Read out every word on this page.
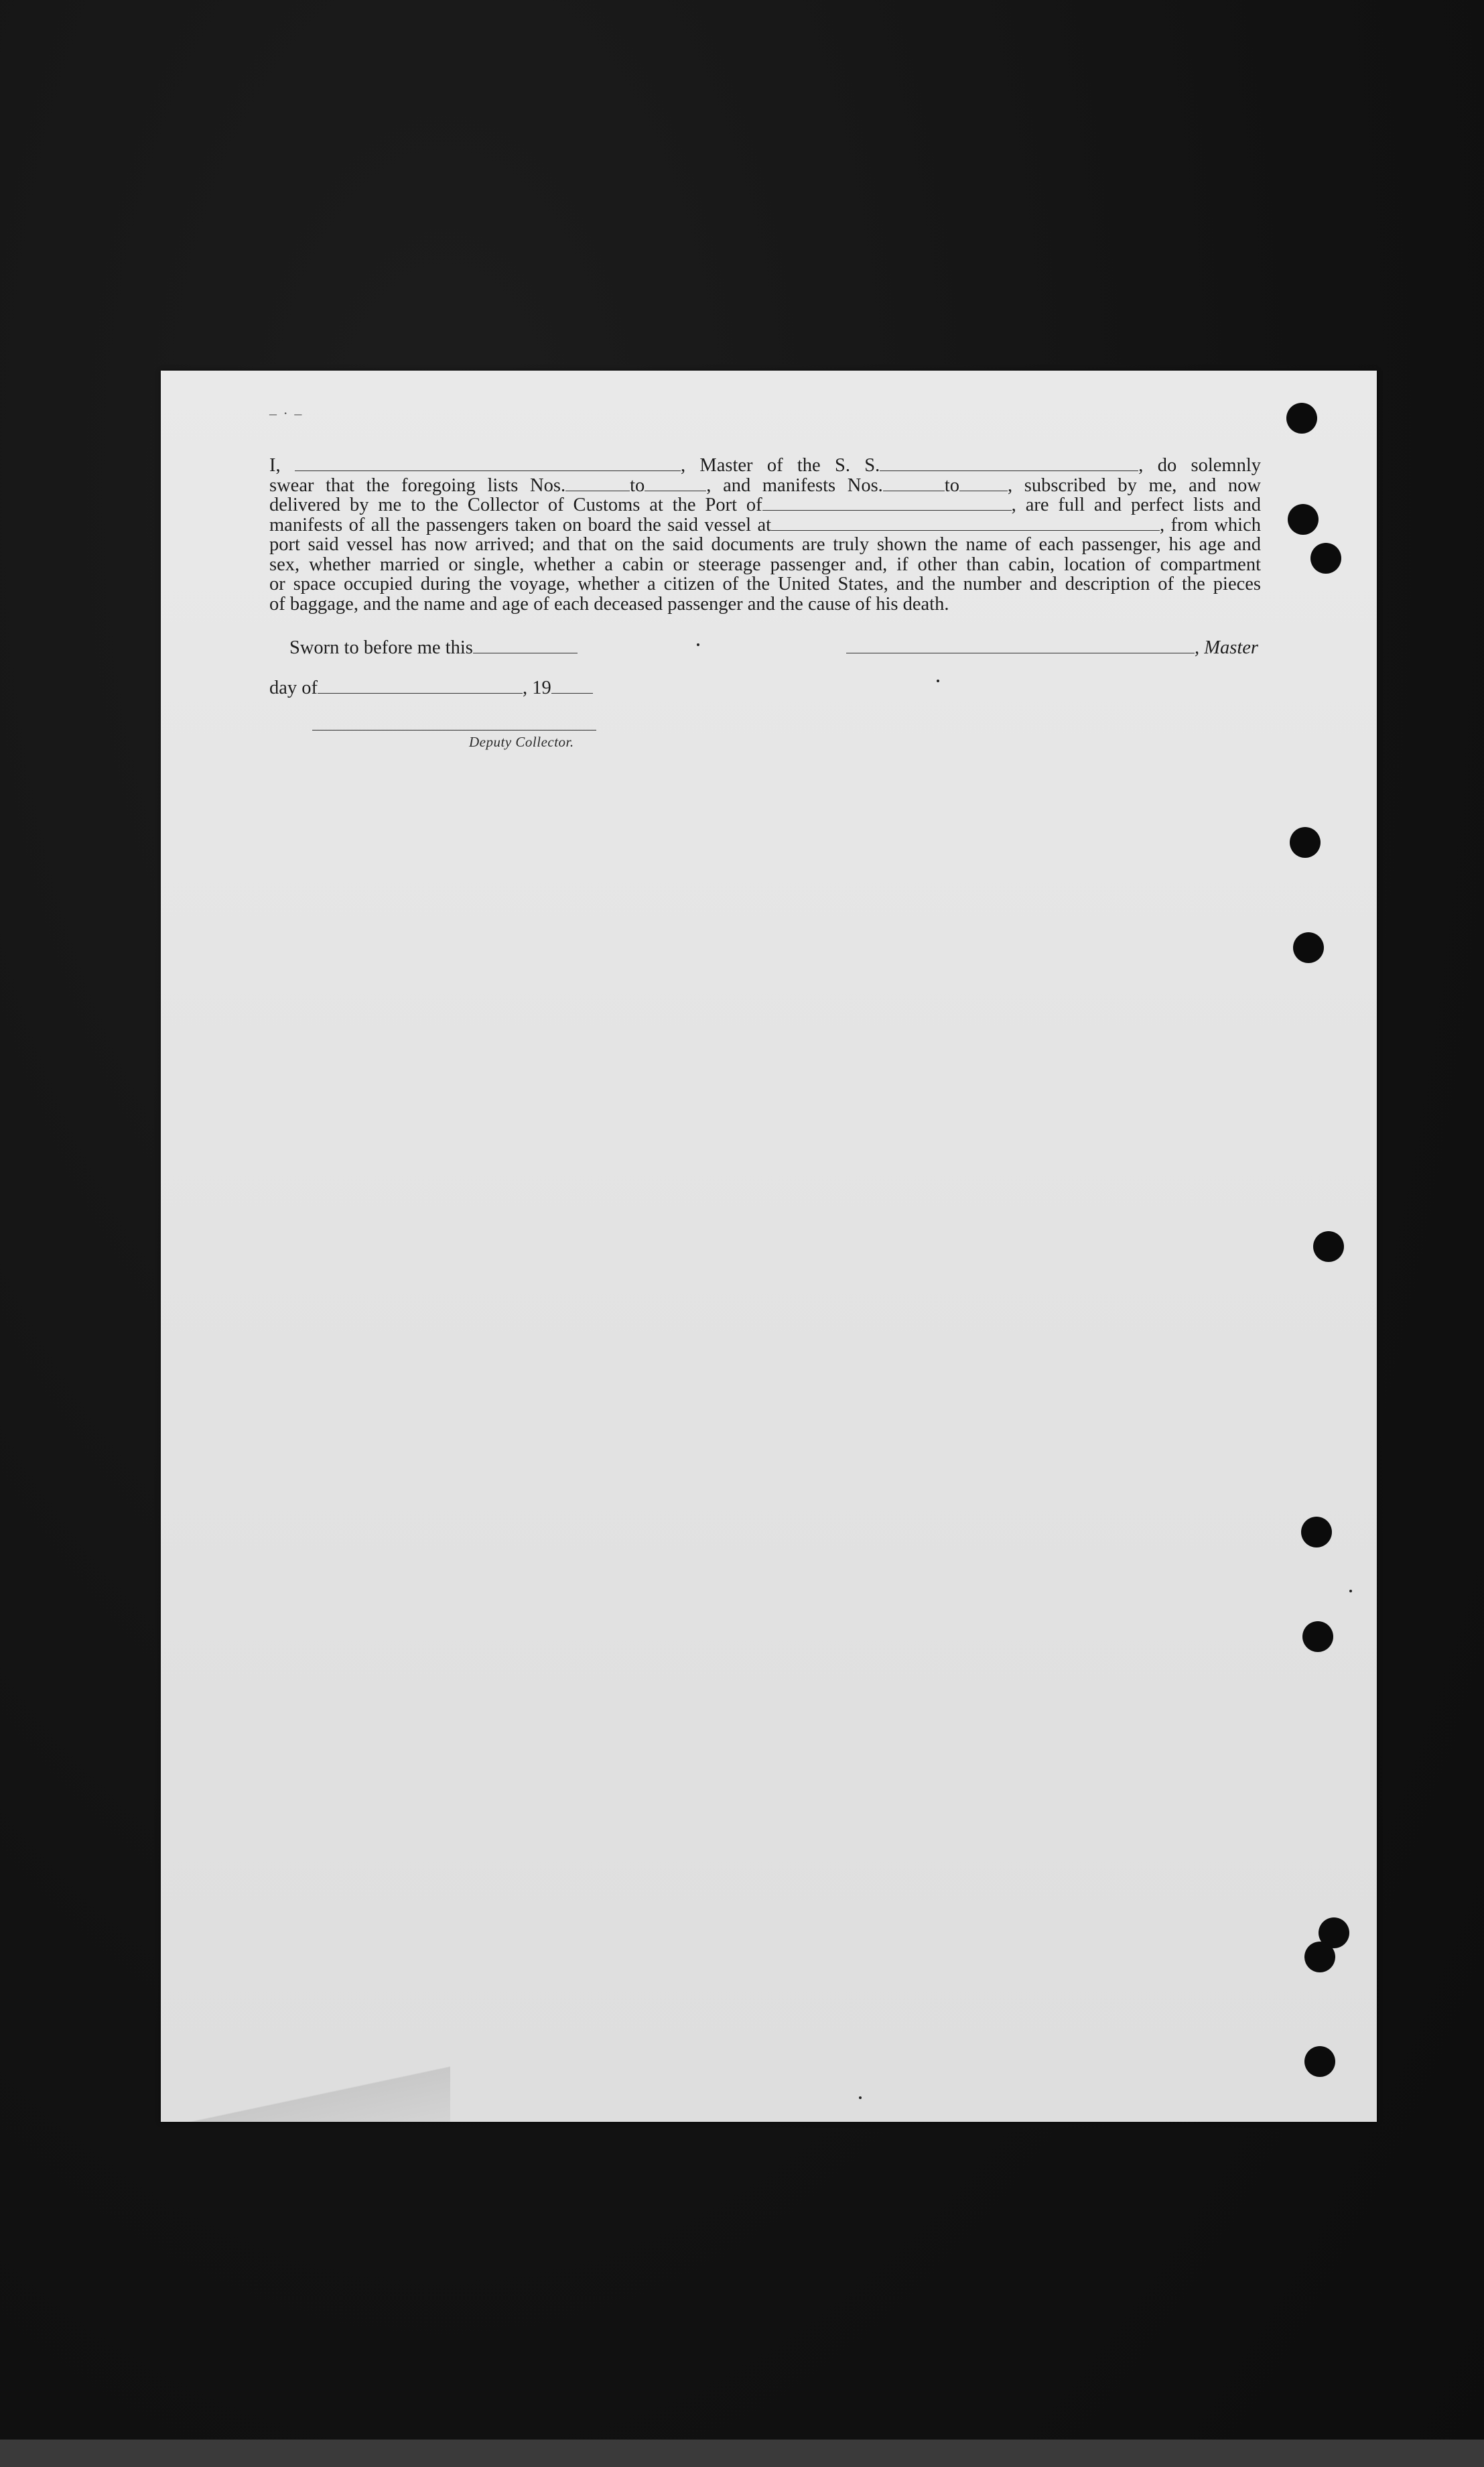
– · –
I,	, Master of the S. S.	, do solemnly
swear that the foregoing lists Nos.	to	, and manifests Nos.	to	, subscribed by me, and now
delivered by me to the Collector of Customs at the Port of	, are full and perfect lists and
manifests of all the passengers taken on board the said vessel at	, from which
port said vessel has now arrived; and that on the said documents are truly shown the name of each passenger, his age and
sex, whether married or single, whether a cabin or steerage passenger and, if other than cabin, location of compartment
or space occupied during the voyage, whether a citizen of the United States, and the number and description of the pieces
of baggage, and the name and age of each deceased passenger and the cause of his death.
Sworn to before me this
day of	, 19
, Master
Deputy Collector.
